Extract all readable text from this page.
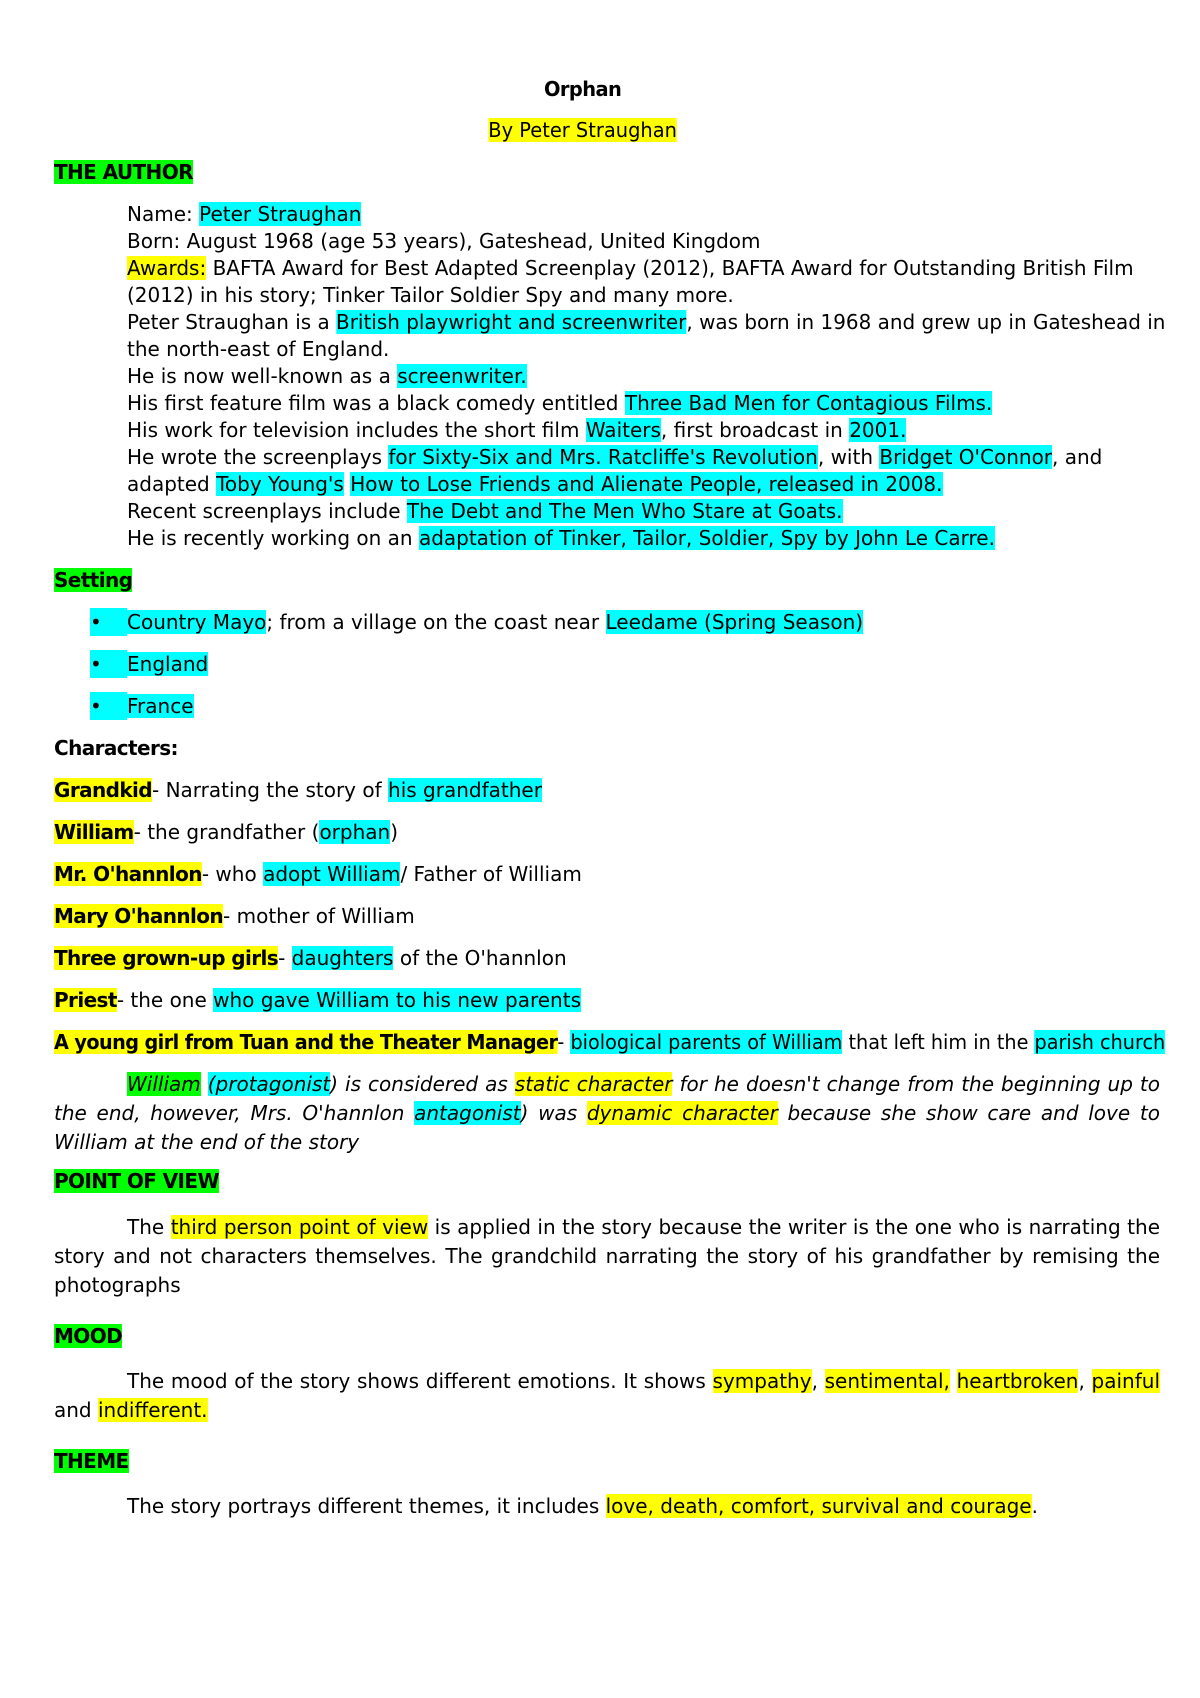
Orphan

By Peter Straughan

THE AUTHOR

Name: Peter Straughan

Born: August 1968 (age 53 years), Gateshead, United Kingdom

Awards: BAFTA Award for Best Adapted Screenplay (2012), BAFTA Award for Outstanding British Film

(2012) in his story; Tinker Tailor Soldier Spy and many more.

Peter Straughan is a British playwright and screenwriter, was born in 1968 and grew up in Gateshead in

the north-east of England.

He is now well-known as a screenwriter.

His first feature film was a black comedy entitled Three Bad Men for Contagious Films.

His work for television includes the short film Waiters, first broadcast in 2001.

He wrote the screenplays for Sixty-Six and Mrs. Ratcliffe's Revolution, with Bridget O'Connor, and

adapted Toby Young's How to Lose Friends and Alienate People, released in 2008.

Recent screenplays include The Debt and The Men Who Stare at Goats.

He is recently working on an adaptation of Tinker, Tailor, Soldier, Spy by John Le Carre.

Setting

• Country Mayo; from a village on the coast near Leedame (Spring Season)

• England

• France

Characters:

Grandkid- Narrating the story of his grandfather

William- the grandfather (orphan)

Mr. O'hannlon- who adopt William/ Father of William

Mary O'hannlon- mother of William

Three grown-up girls- daughters of the O'hannlon

Priest- the one who gave William to his new parents

A young girl from Tuan and the Theater Manager- biological parents of William that left him in the parish church

William (protagonist) is considered as static character for he doesn't change from the beginning up to the end, however, Mrs. O'hannlon antagonist) was dynamic character because she show care and love to William at the end of the story

POINT OF VIEW

The third person point of view is applied in the story because the writer is the one who is narrating the story and not characters themselves. The grandchild narrating the story of his grandfather by remising the photographs

MOOD

The mood of the story shows different emotions. It shows sympathy, sentimental, heartbroken, painful and indifferent.

THEME

The story portrays different themes, it includes love, death, comfort, survival and courage.
